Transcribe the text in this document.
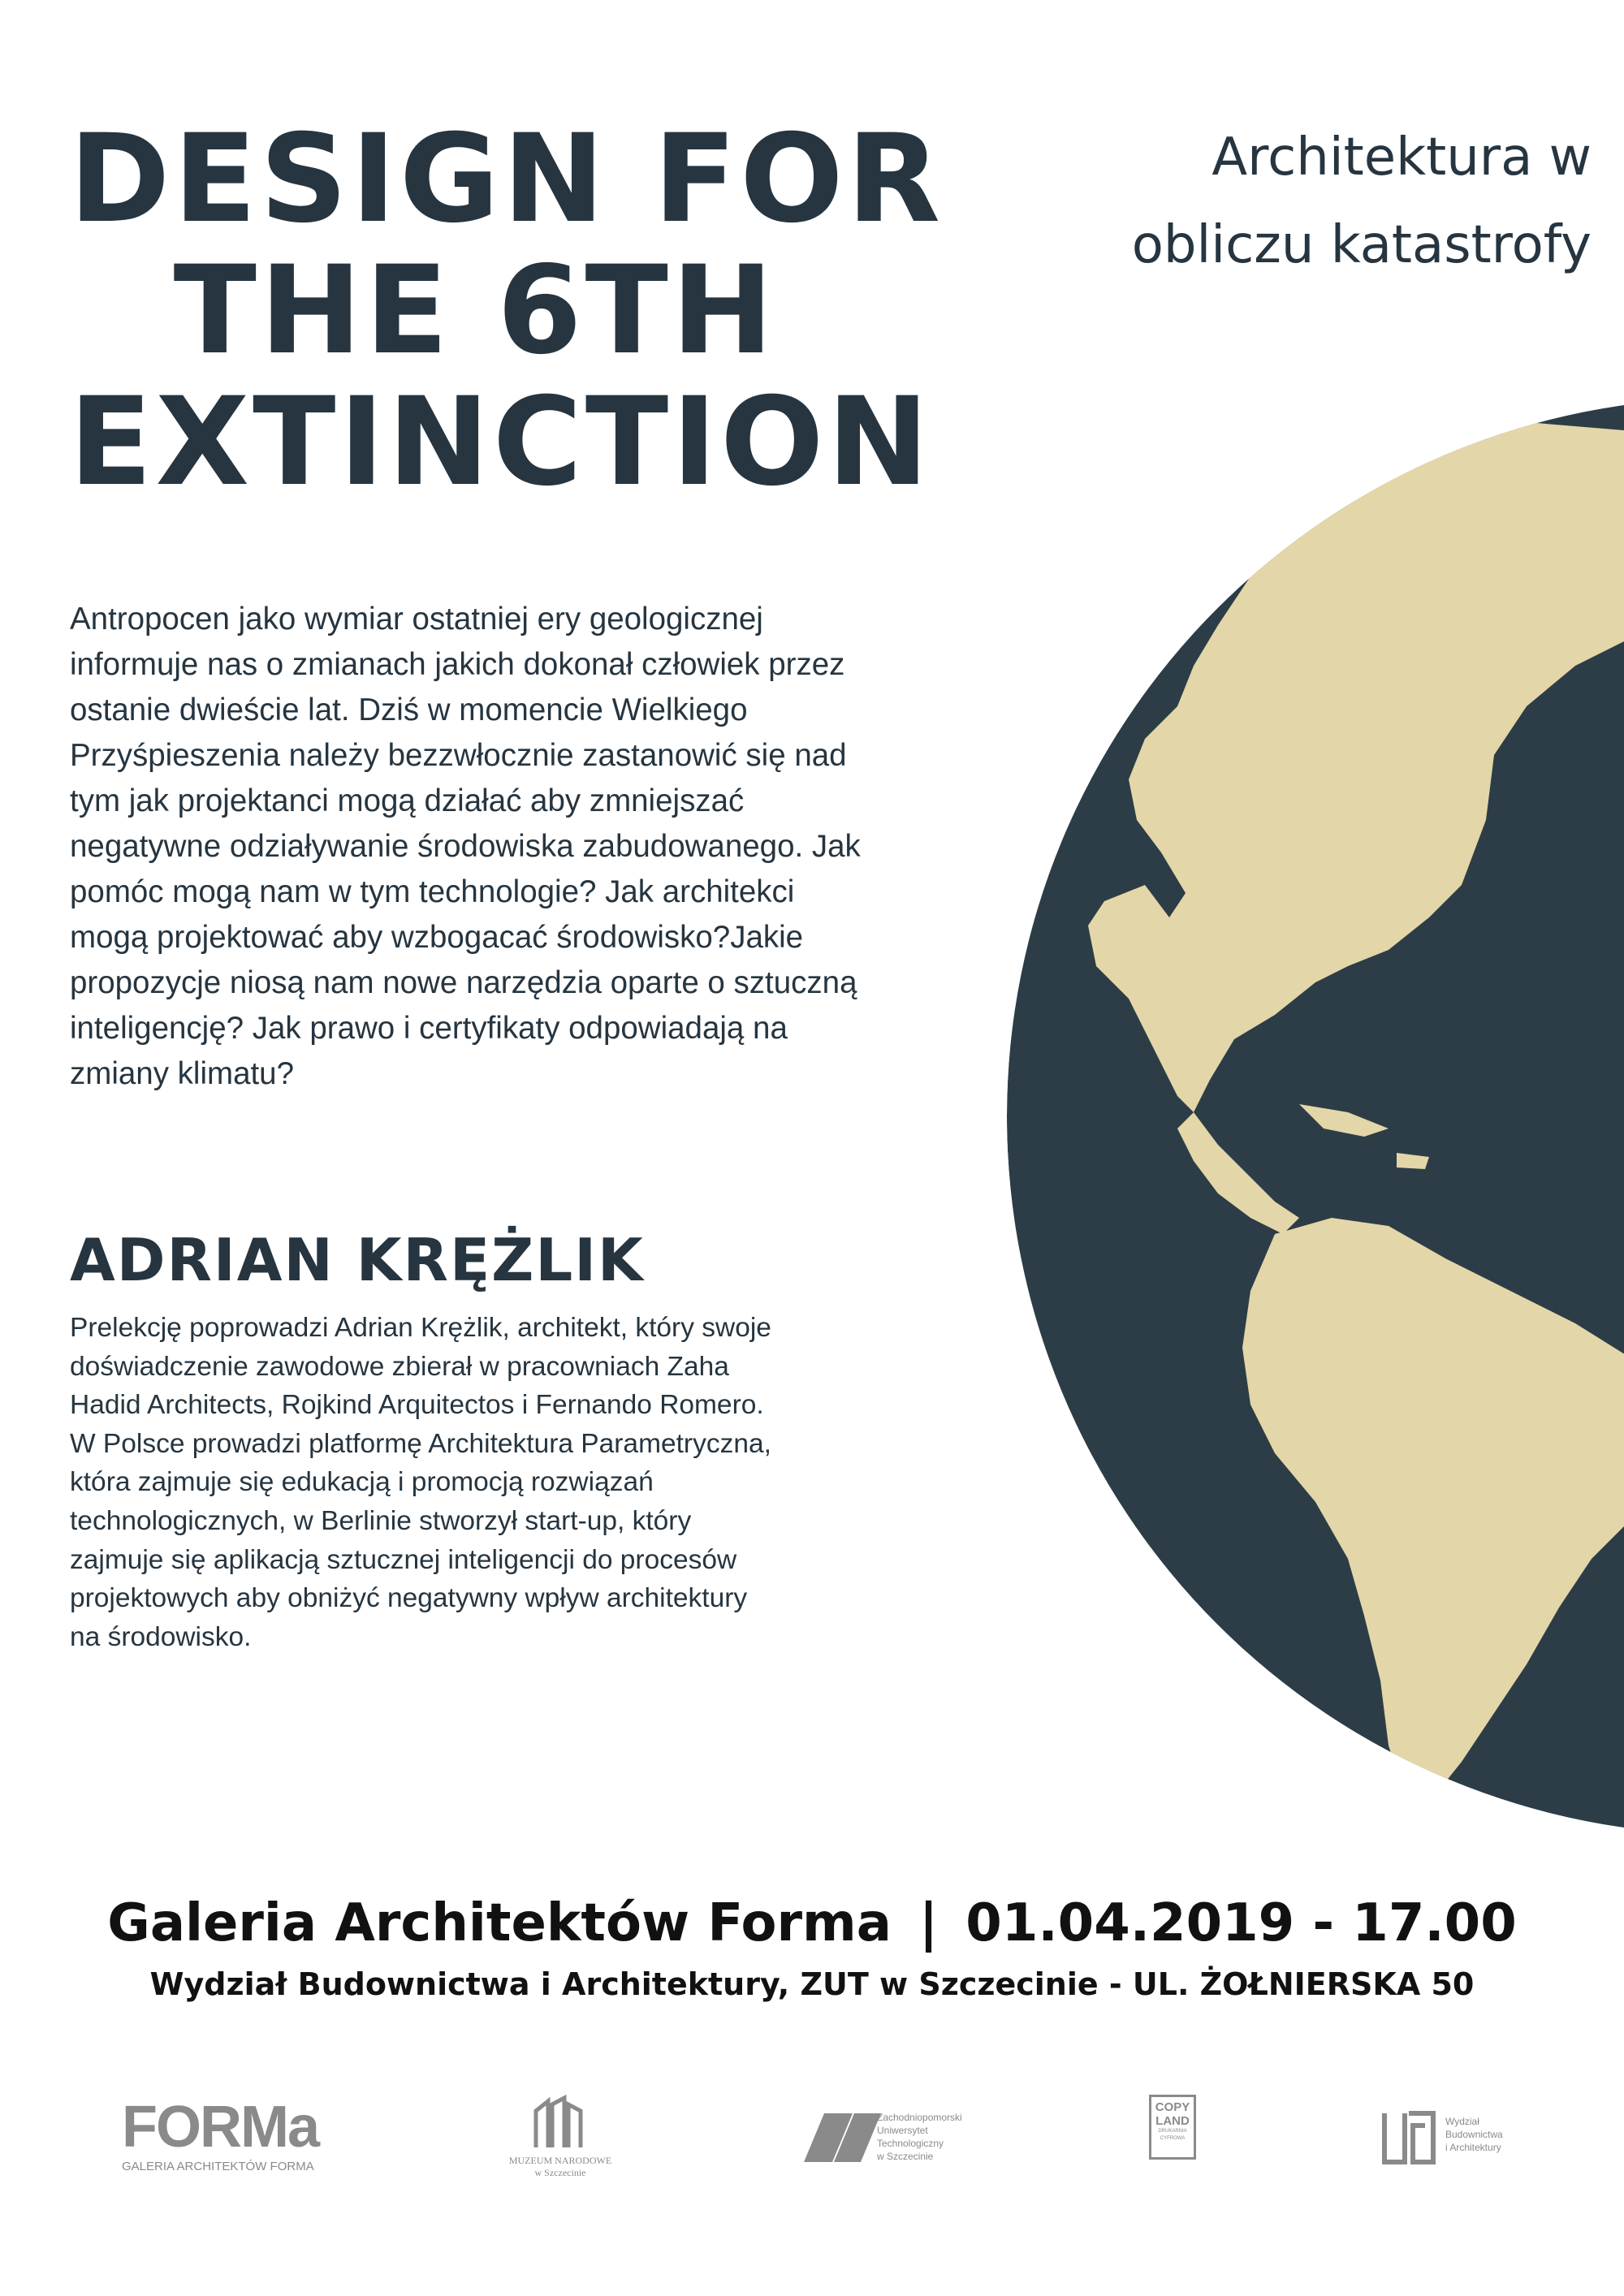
DESIGN FOR
THE 6TH
EXTINCTION
Architektura w
obliczu katastrofy

Antropocen jako wymiar ostatniej ery geologicznej informuje nas o zmianach jakich dokonał człowiek przez ostanie dwieście lat. Dziś w momencie Wielkiego Przyśpieszenia należy bezzwłocznie zastanowić się nad tym jak projektanci mogą działać aby zmniejszać negatywne odziaływanie środowiska zabudowanego. Jak pomóc mogą nam w tym technologie? Jak architekci mogą projektować aby wzbogacać środowisko?Jakie propozycje niosą nam nowe narzędzia oparte o sztuczną inteligencję? Jak prawo i certyfikaty odpowiadają na zmiany klimatu?

ADRIAN KRĘŻLIK

Prelekcję poprowadzi Adrian Krężlik, architekt, który swoje doświadczenie zawodowe zbierał w pracowniach Zaha Hadid Architects, Rojkind Arquitectos i Fernando Romero. W Polsce prowadzi platformę Architektura Parametryczna, która zajmuje się edukacją i promocją rozwiązań technologicznych, w Berlinie stworzył start-up, który zajmuje się aplikacją sztucznej inteligencji do procesów projektowych aby obniżyć negatywny wpływ architektury na środowisko.

Galeria Architektów Forma | 01.04.2019 - 17.00
Wydział Budownictwa i Architektury, ZUT w Szczecinie - UL. ŻOŁNIERSKA 50
FORMa
GALERIA ARCHITEKTÓW FORMA	MUZEUM NARODOWE
w Szczecinie
Zachodniopomorski
Uniwersytet
Technologiczny
w Szczecinie
COPY
LAND
DRUKARNIA
CYFROWA
Wydział
Budownictwa
i Architektury
